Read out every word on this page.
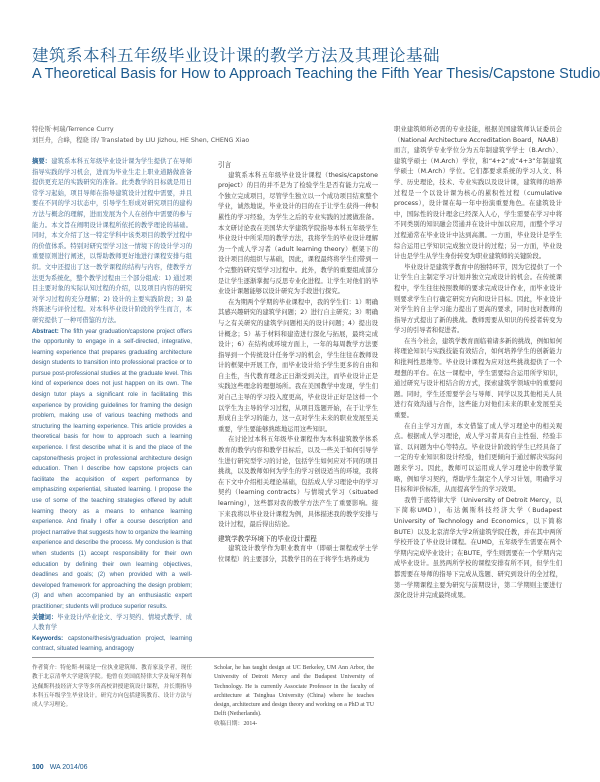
建筑系本科五年级毕业设计课的教学方法及其理论基础
A Theoretical Basis for How to Approach Teaching the Fifth Year Thesis/Capstone Studio
特伦斯·柯瑞/Terrence Curry
刘巨舟，合峰，程晓 译/ Translated by LIU Jizhou, HE Shen, CHENG Xiao

摘要：建筑系本科五年级毕业设计课为学生提供了在导师指导实践的学习机会，进而为毕业生走上职业道路做准备提供更充足的实践研究的准备。此类教学的目标就是用日常学习起始，项目导师在指导建筑设计过程中需要，并且要在不同的学习状态中，引导学生形成对研究项目的建构方法与概念的理解，进而发展为个人在创作中需要的参与能力。本文旨在阐明设计课程所依托的教学理论的基础。同时，本文介绍了这一特定学科中该类项目的教学过程中的价值体系。特别对研究型学习这一情境下的设计学习的重要原则进行阐述，以帮助教师更好地进行课程安排与组织。文中还提出了这一教学课程的结构与内容，使教学方法更为系统化，整个教学过程由三个部分组成：1) 通过项目主要对象的实际认知过程的介绍，以及项目内容的研究对学习过程的充分理解；2) 设计的主要实践阶段；3) 最终陈述与评价过程。对本科毕业设计阶段的学生而言，本研究提供了一种可借鉴的方法。

Abstract: The fifth year graduation/capstone project offers the opportunity to engage in a self-directed, integrative, learning experience that prepares graduating architecture design students to transition into professional practice or to pursue post-professional studies at the graduate level. This kind of experience does not just happen on its own. The design tutor plays a significant role in facilitating this experience by providing guidelines for framing the design problem, making use of various teaching methods and structuring the learning experience. This article provides a theoretical basis for how to approach such a learning experience. I first describe what it is and the place of the capstone/thesis project in professional architecture design education. Then I describe how capstone projects can facilitate the acquisition of expert performance by emphasizing experiential, situated learning. I propose the use of some of the teaching strategies offered by adult learning theory as a means to enhance learning experience. And finally I offer a course description and project narrative that suggests how to organize the learning experience and describe the process. My conclusion is that when students (1) accept responsibility for their own education by defining their own learning objectives, deadlines and goals; (2) when provided with a well-developed framework for approaching the design problem; (3) and when accompanied by an enthusiastic expert practitioner; students will produce superior results.

关键词：毕业设计/毕业论文、学习契约、情境式教学、成人教育学

Keywords: capstone/thesis/graduation project, learning contract, situated learning, andragogy

引言

建筑系本科五年级毕业设计课程（thesis/capstone project）的目的并不是为了检验学生是否有能力完成一个独立完成项目，尽管学生独立以一个成功项目结束整个学业，诚然地说，毕业设计的目的在于让学生获得一种积累性的学习经验，为学生之后的专业实践的过渡做准备。本文研讨论我在美国华大学建筑学院指导本科五年级学生毕业设计中所采用的教学方法，我将学生的毕业设计理解为一个成人学习者（adult learning theory）框架下的设计项目的组织与基础，因此，课程最终将学生们带到一个完整的研究型学习过程中。此外，教学的重要组成部分是让学生逐渐掌握与反思专业化进程。让学生对他们的毕业设计课题能够以设计研究为手段进行探究。

在为期两个学期的毕业课程中，我的学生们：1）明确其感兴趣研究的建筑学问题；2）进行自主研究；3）明确与之有关研究的建筑学问题相关的设计问题；4）提出设计概念；5）基于材料和建造进行深化与拓展，最终完成设计；6）在结构或环境方面上，一年的每周教学方法要指导到一个传统设计任务学习的机会，学生往往在教师设计的框架中开展工作，而毕业设计给予学生更多的自由和自主性，当代教育理念正日渐受到关注，而毕业设计正是实践这些理念的理想场所。我在美国教学中发现，学生们对自己主导的学习投入度更高，毕业设计正好是这样一个以学生为主导的学习过程，从项目选题开始，在于让学生形成自主学习的能力，这一点对学生未来的职业发展至关重要，学生要能够熟练地运用这些知识。

在讨论过本科五年级毕业课程作为本科建筑教学体系教育的教学内容和教学目标后，以及一些关于如何引导学生进行研究型学习的讨论，包括学生如何应对不同的项目挑战，以及教师如何为学生的学习创设适当的环境，我将在下文中介绍相关理论基础，包括成人学习理论中的学习契约（learning contracts）与情境式学习（situated learning），这些都对我的教学方法产生了重要影响。接下来我将以毕业设计课程为例，具体描述我的教学安排与设计过程，最后得出结论。

建筑学教学环境下的毕业设计课程

建筑设计教学作为职业教育中（即硕士课程或学士学位课程）的主要部分，其教学目的在于将学生培养成为

职业建筑师所必需的专业技能，根据美国建筑师认证委员会（National Architecture Accreditation Board，NAAB）而言，建筑学专业学位分为五年制建筑学学士（B.Arch）、建筑学硕士（M.Arch）学位，和“4+2”或“4+3”年制建筑学硕士（M.Arch）学位。它们都要求系统的学习人文、科学、历史理论，技术、专业实践以及设计课，建筑师的培养过程是一个以设计课为核心的累积性过程（cumulative process），设计课在每一年中扮演重要角色。在建筑设计中，国际性的设计理念已经深入人心，学生需要在学习中将不同类别的知识融会贯通并在设计中加以应用，而整个学习过程通常在毕业设计中达到高潮。一方面，毕业设计是学生综合运用已学知识完成独立设计的过程；另一方面，毕业设计也是学生从学生身份转变为职业建筑师的关键阶段。

毕业设计是建筑学教育中的独特环节，因为它提供了一个让学生自主制定学习计划并独立完成设计的机会。在传统课程中，学生往往按照教师的要求完成设计作业，而毕业设计则要求学生自行确定研究方向和设计目标。因此，毕业设计对学生的自主学习能力提出了更高的要求，同时也对教师的指导方式提出了新的挑战。教师需要从知识的传授者转变为学习的引导者和促进者。

在当今社会，建筑学教育面临着诸多新的挑战，例如如何将理论知识与实践技能有效结合，如何培养学生的创新能力和批判性思维等。毕业设计课程为应对这些挑战提供了一个理想的平台。在这一课程中，学生需要综合运用所学知识，通过研究与设计相结合的方式，探索建筑学领域中的重要问题。同时，学生还需要学会与导师、同学以及其他相关人员进行有效沟通与合作，这些能力对他们未来的职业发展至关重要。

在自主学习方面，本文借鉴了成人学习理论中的相关观点。根据成人学习理论，成人学习者具有自主性强、经验丰富、以问题为中心等特点。毕业设计阶段的学生已经具备了一定的专业知识和设计经验，他们更倾向于通过解决实际问题来学习。因此，教师可以运用成人学习理论中的教学策略，例如学习契约，帮助学生制定个人学习计划，明确学习目标和评价标准，从而提高学生的学习效果。

我曾于底特律大学（University of Detroit Mercy，以下简称UMD），布达佩斯科技经济大学（Budapest University of Technology and Economics，以下简称BUTE）以及北京清华大学2所建筑学院任教，并在其中两所学校开设了毕业设计课程。在UMD，五年级学生需要在两个学期内完成毕业设计；在BUTE，学生则需要在一个学期内完成毕业设计。虽然两所学校的课程安排有所不同，但学生们都需要在导师的指导下完成从选题、研究到设计的全过程，第一学期课程主要为研究与前期设计，第二学期则主要进行深化设计并完成最终成果。

作者简介：特伦斯·柯瑞是一位执业建筑师、教育家及学者，现任教于北京清华大学建筑学院。他曾在美国底特律大学及匈牙利布达佩斯科技经济大学等多所高校讲授建筑设计课程，并长期指导本科五年级学生毕业设计。研究方向包括建筑教育、设计方法与成人学习理论。
Scholar, he has taught design at UC Berkeley, UM Ann Arbor, the University of Detroit Mercy and the Budapest University of Technology. He is currently Associate Professor in the faculty of architecture at Tsinghua University (China) where he teaches design, architecture and design theory and working on a PhD at TU Delft (Netherlands).
收稿日期：2014-
100 WA 2014/06
